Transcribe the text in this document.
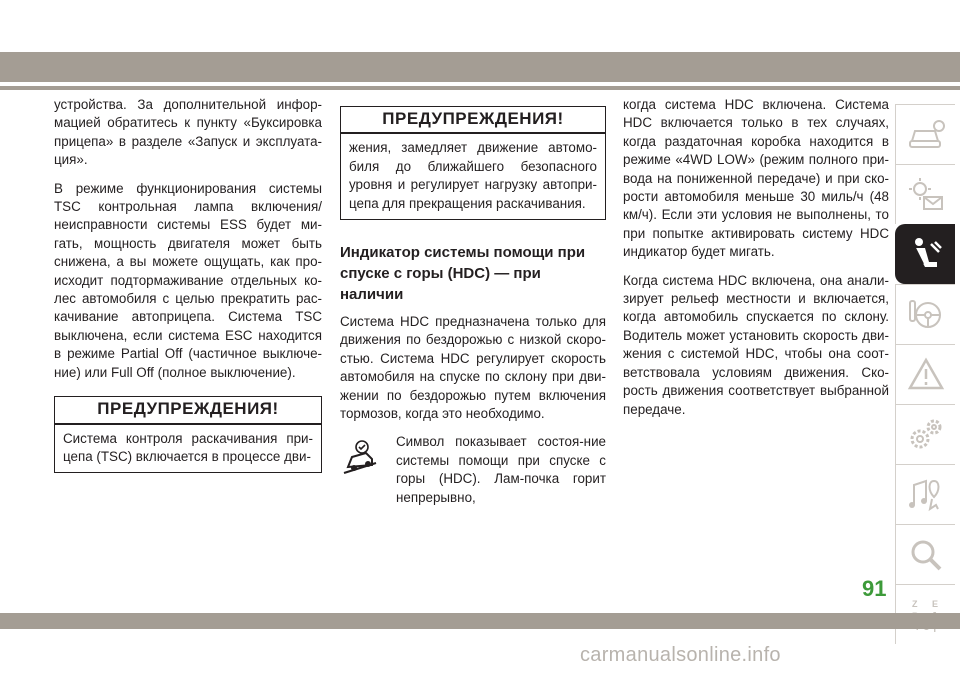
устройства. За дополнительной инфор-мацией обратитесь к пункту «Буксировка прицепа» в разделе «Запуск и эксплуата-ция».

В режиме функционирования системы TSC контрольная лампа включения/неисправности системы ESS будет ми-гать, мощность двигателя может быть снижена, а вы можете ощущать, как про-исходит подтормаживание отдельных ко-лес автомобиля с целью прекратить рас-качивание автоприцепа. Система TSC выключена, если система ESC находится в режиме Partial Off (частичное выключе-ние) или Full Off (полное выключение).

ПРЕДУПРЕЖДЕНИЯ!
Система контроля раскачивания при-цепа (TSC) включается в процессе дви-
ПРЕДУПРЕЖДЕНИЯ!
жения, замедляет движение автомо-биля до ближайшего безопасного уровня и регулирует нагрузку автопри-цепа для прекращения раскачивания.
Индикатор системы помощи при спуске с горы (HDC) — при наличии

Система HDC предназначена только для движения по бездорожью с низкой скоро-стью. Система HDC регулирует скорость автомобиля на спуске по склону при дви-жении по бездорожью путем включения тормозов, когда это необходимо.

Символ показывает состоя-ние системы помощи при спуске с горы (HDC). Лам-почка горит непрерывно,

когда система HDC включена. Система HDC включается только в тех случаях, когда раздаточная коробка находится в режиме «4WD LOW» (режим полного при-вода на пониженной передаче) и при ско-рости автомобиля меньше 30 миль/ч (48 км/ч). Если эти условия не выполнены, то при попытке активировать систему HDC индикатор будет мигать.

Когда система HDC включена, она анали-зирует рельеф местности и включается, когда автомобиль спускается по склону. Водитель может установить скорость дви-жения с системой HDC, чтобы она соот-ветствовала условиям движения. Ско-рость движения соответствует выбранной передаче.

Z E
91
carmanualsonline.info
